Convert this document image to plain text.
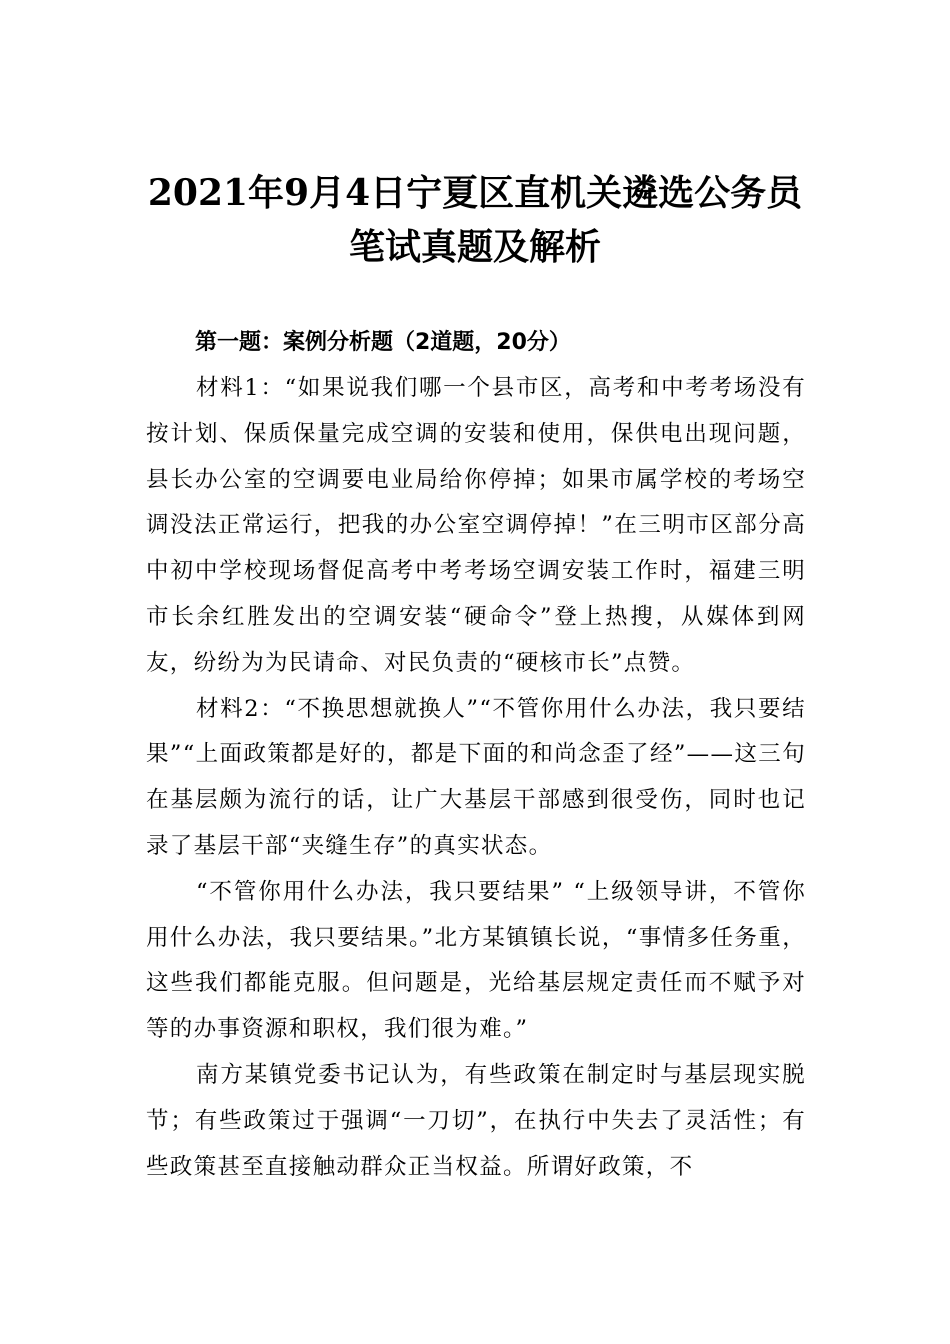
2021年9月4日宁夏区直机关遴选公务员
笔试真题及解析
第一题：案例分析题（2道题，20分）

材料1：“如果说我们哪一个县市区，高考和中考考场没有按计划、保质保量完成空调的安装和使用，保供电出现问题，县长办公室的空调要电业局给你停掉；如果市属学校的考场空调没法正常运行，把我的办公室空调停掉！”在三明市区部分高中初中学校现场督促高考中考考场空调安装工作时，福建三明市长余红胜发出的空调安装“硬命令”登上热搜，从媒体到网友，纷纷为为民请命、对民负责的“硬核市长”点赞。

材料2：“不换思想就换人”“不管你用什么办法，我只要结果”“上面政策都是好的，都是下面的和尚念歪了经”——这三句在基层颇为流行的话，让广大基层干部感到很受伤，同时也记录了基层干部“夹缝生存”的真实状态。

“不管你用什么办法，我只要结果” “上级领导讲，不管你用什么办法，我只要结果。”北方某镇镇长说，“事情多任务重，这些我们都能克服。但问题是，光给基层规定责任而不赋予对等的办事资源和职权，我们很为难。”

南方某镇党委书记认为，有些政策在制定时与基层现实脱节；有些政策过于强调“一刀切”，在执行中失去了灵活性；有些政策甚至直接触动群众正当权益。所谓好政策，不
